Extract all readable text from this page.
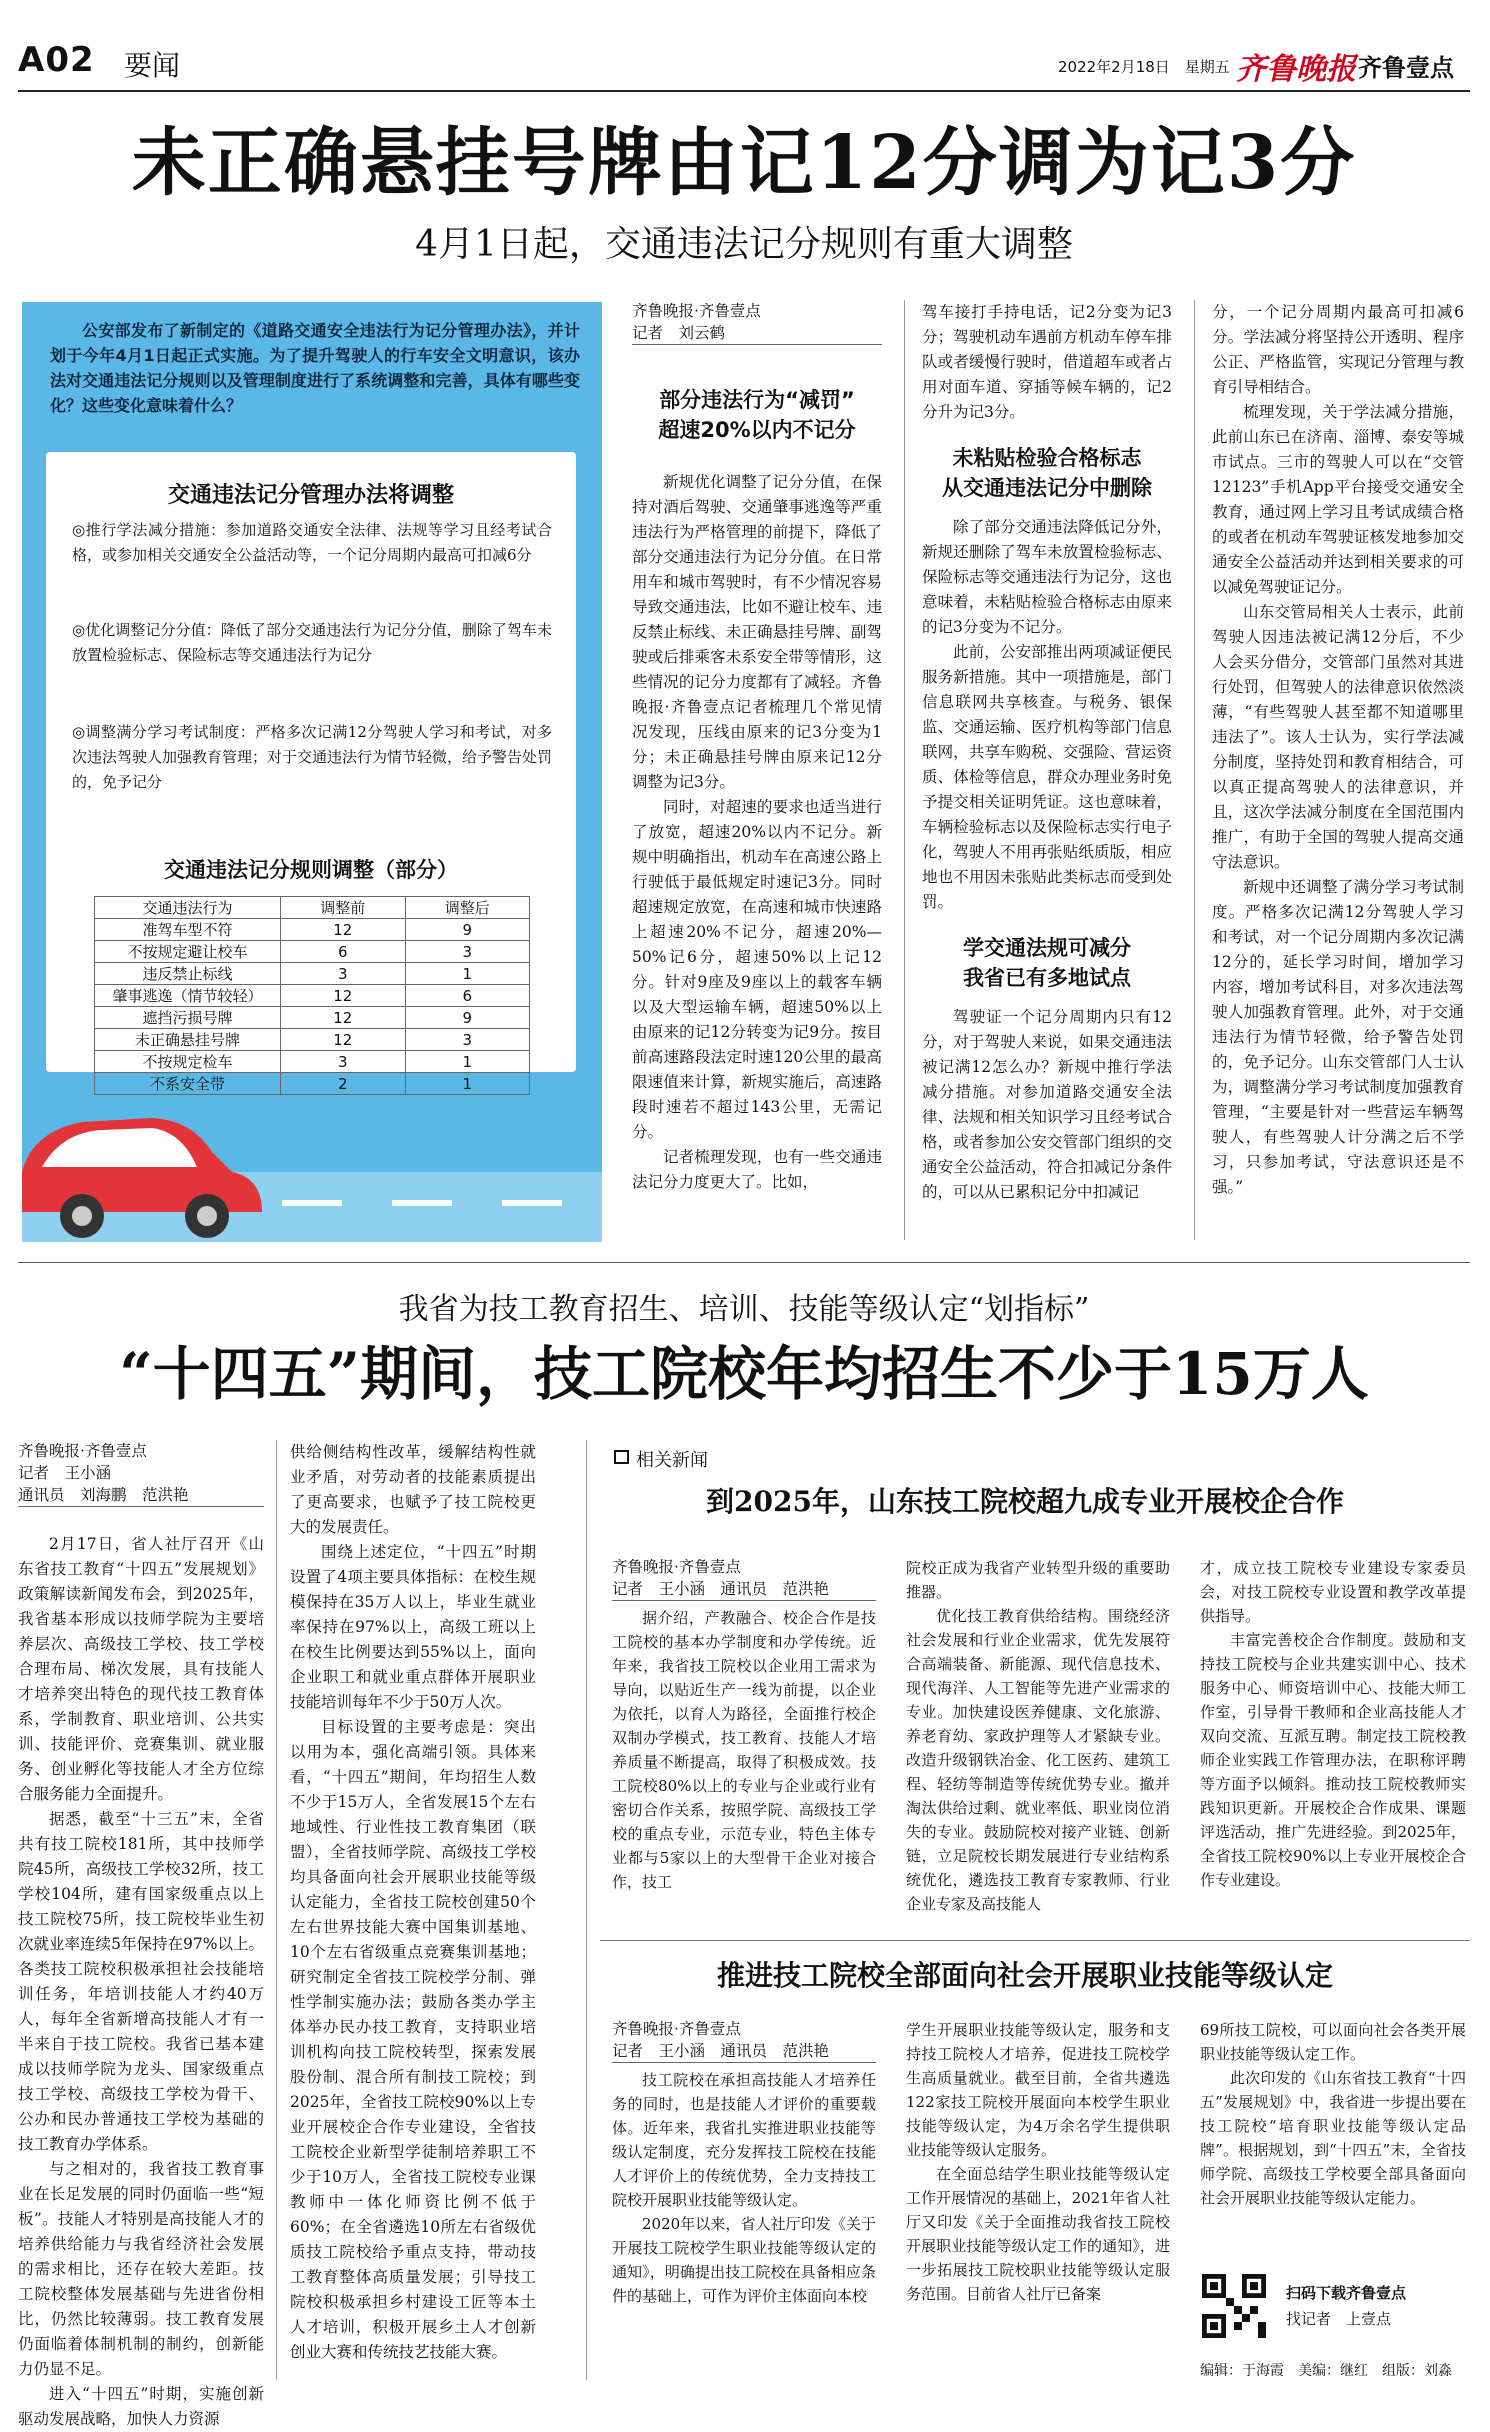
A02 要闻	2022年2月18日　星期五 齐鲁晚报 齐鲁壹点
未正确悬挂号牌由记12分调为记3分
4月1日起，交通违法记分规则有重大调整
公安部发布了新制定的《道路交通安全违法行为记分管理办法》，并计划于今年4月1日起正式实施。为了提升驾驶人的行车安全文明意识，该办法对交通违法记分规则以及管理制度进行了系统调整和完善，具体有哪些变化？这些变化意味着什么？
交通违法记分管理办法将调整
◎推行学法减分措施：参加道路交通安全法律、法规等学习且经考试合格，或参加相关交通安全公益活动等，一个记分周期内最高可扣减6分
◎优化调整记分分值：降低了部分交通违法行为记分分值，删除了驾车未放置检验标志、保险标志等交通违法行为记分
◎调整满分学习考试制度：严格多次记满12分驾驶人学习和考试，对多次违法驾驶人加强教育管理；对于交通违法行为情节轻微，给予警告处罚的，免予记分
交通违法记分规则调整（部分）
交通违法行为	调整前	调整后
准驾车型不符	12	9
不按规定避让校车	6	3
违反禁止标线	3	1
肇事逃逸（情节较轻）	12	6
遮挡污损号牌	12	9
未正确悬挂号牌	12	3
不按规定检车	3	1
不系安全带	2	1
齐鲁晚报·齐鲁壹点
记者　刘云鹤
部分违法行为“减罚”
超速20%以内不记分

新规优化调整了记分分值，在保持对酒后驾驶、交通肇事逃逸等严重违法行为严格管理的前提下，降低了部分交通违法行为记分分值。在日常用车和城市驾驶时，有不少情况容易导致交通违法，比如不避让校车、违反禁止标线、未正确悬挂号牌、副驾驶或后排乘客未系安全带等情形，这些情况的记分力度都有了减轻。齐鲁晚报·齐鲁壹点记者梳理几个常见情况发现，压线由原来的记3分变为1分；未正确悬挂号牌由原来记12分调整为记3分。

同时，对超速的要求也适当进行了放宽，超速20%以内不记分。新规中明确指出，机动车在高速公路上行驶低于最低规定时速记3分。同时超速规定放宽，在高速和城市快速路上超速20%不记分，超速20%—50%记6分，超速50%以上记12分。针对9座及9座以上的载客车辆以及大型运输车辆，超速50%以上由原来的记12分转变为记9分。按目前高速路段法定时速120公里的最高限速值来计算，新规实施后，高速路段时速若不超过143公里，无需记分。

记者梳理发现，也有一些交通违法记分力度更大了。比如，

驾车接打手持电话，记2分变为记3分；驾驶机动车遇前方机动车停车排队或者缓慢行驶时，借道超车或者占用对面车道、穿插等候车辆的，记2分升为记3分。
未粘贴检验合格标志
从交通违法记分中删除

除了部分交通违法降低记分外，新规还删除了驾车未放置检验标志、保险标志等交通违法行为记分，这也意味着，未粘贴检验合格标志由原来的记3分变为不记分。

此前，公安部推出两项减证便民服务新措施。其中一项措施是，部门信息联网共享核查。与税务、银保监、交通运输、医疗机构等部门信息联网，共享车购税、交强险、营运资质、体检等信息，群众办理业务时免予提交相关证明凭证。这也意味着，车辆检验标志以及保险标志实行电子化，驾驶人不用再张贴纸质版，相应地也不用因未张贴此类标志而受到处罚。

学交通法规可减分
我省已有多地试点

驾驶证一个记分周期内只有12分，对于驾驶人来说，如果交通违法被记满12怎么办？新规中推行学法减分措施。对参加道路交通安全法律、法规和相关知识学习且经考试合格，或者参加公安交管部门组织的交通安全公益活动，符合扣减记分条件的，可以从已累积记分中扣减记

分，一个记分周期内最高可扣减6分。学法减分将坚持公开透明、程序公正、严格监管，实现记分管理与教育引导相结合。

梳理发现，关于学法减分措施，此前山东已在济南、淄博、泰安等城市试点。三市的驾驶人可以在“交管12123”手机App平台接受交通安全教育，通过网上学习且考试成绩合格的或者在机动车驾驶证核发地参加交通安全公益活动并达到相关要求的可以减免驾驶证记分。

山东交管局相关人士表示，此前驾驶人因违法被记满12分后，不少人会买分借分，交管部门虽然对其进行处罚，但驾驶人的法律意识依然淡薄，“有些驾驶人甚至都不知道哪里违法了”。该人士认为，实行学法减分制度，坚持处罚和教育相结合，可以真正提高驾驶人的法律意识，并且，这次学法减分制度在全国范围内推广，有助于全国的驾驶人提高交通守法意识。

新规中还调整了满分学习考试制度。严格多次记满12分驾驶人学习和考试，对一个记分周期内多次记满12分的，延长学习时间，增加学习内容，增加考试科目，对多次违法驾驶人加强教育管理。此外，对于交通违法行为情节轻微，给予警告处罚的，免予记分。山东交管部门人士认为，调整满分学习考试制度加强教育管理，“主要是针对一些营运车辆驾驶人，有些驾驶人计分满之后不学习，只参加考试，守法意识还是不强。”

我省为技工教育招生、培训、技能等级认定“划指标”
“十四五”期间，技工院校年均招生不少于15万人
齐鲁晚报·齐鲁壹点
记者　王小涵
通讯员　刘海鹏　范洪艳

2月17日，省人社厅召开《山东省技工教育“十四五”发展规划》政策解读新闻发布会，到2025年，我省基本形成以技师学院为主要培养层次、高级技工学校、技工学校合理布局、梯次发展，具有技能人才培养突出特色的现代技工教育体系，学制教育、职业培训、公共实训、技能评价、竞赛集训、就业服务、创业孵化等技能人才全方位综合服务能力全面提升。

据悉，截至“十三五”末，全省共有技工院校181所，其中技师学院45所，高级技工学校32所，技工学校104所，建有国家级重点以上技工院校75所，技工院校毕业生初次就业率连续5年保持在97%以上。各类技工院校积极承担社会技能培训任务，年培训技能人才约40万人，每年全省新增高技能人才有一半来自于技工院校。我省已基本建成以技师学院为龙头、国家级重点技工学校、高级技工学校为骨干、公办和民办普通技工学校为基础的技工教育办学体系。

与之相对的，我省技工教育事业在长足发展的同时仍面临一些“短板”。技能人才特别是高技能人才的培养供给能力与我省经济社会发展的需求相比，还存在较大差距。技工院校整体发展基础与先进省份相比，仍然比较薄弱。技工教育发展仍面临着体制机制的制约，创新能力仍显不足。

进入“十四五”时期，实施创新驱动发展战略，加快人力资源

供给侧结构性改革，缓解结构性就业矛盾，对劳动者的技能素质提出了更高要求，也赋予了技工院校更大的发展责任。

围绕上述定位，“十四五”时期设置了4项主要具体指标：在校生规模保持在35万人以上，毕业生就业率保持在97%以上，高级工班以上在校生比例要达到55%以上，面向企业职工和就业重点群体开展职业技能培训每年不少于50万人次。

目标设置的主要考虑是：突出以用为本，强化高端引领。具体来看，“十四五”期间，年均招生人数不少于15万人，全省发展15个左右地域性、行业性技工教育集团（联盟），全省技师学院、高级技工学校均具备面向社会开展职业技能等级认定能力，全省技工院校创建50个左右世界技能大赛中国集训基地、10个左右省级重点竞赛集训基地；研究制定全省技工院校学分制、弹性学制实施办法；鼓励各类办学主体举办民办技工教育，支持职业培训机构向技工院校转型，探索发展股份制、混合所有制技工院校；到2025年，全省技工院校90%以上专业开展校企合作专业建设，全省技工院校企业新型学徒制培养职工不少于10万人，全省技工院校专业课教师中一体化师资比例不低于60%；在全省遴选10所左右省级优质技工院校给予重点支持，带动技工教育整体高质量发展；引导技工院校积极承担乡村建设工匠等本土人才培训，积极开展乡土人才创新创业大赛和传统技艺技能大赛。

相关新闻
到2025年，山东技工院校超九成专业开展校企合作
齐鲁晚报·齐鲁壹点
记者　王小涵　通讯员　范洪艳

据介绍，产教融合、校企合作是技工院校的基本办学制度和办学传统。近年来，我省技工院校以企业用工需求为导向，以贴近生产一线为前提，以企业为依托，以育人为路径，全面推行校企双制办学模式，技工教育、技能人才培养质量不断提高，取得了积极成效。技工院校80%以上的专业与企业或行业有密切合作关系，按照学院、高级技工学校的重点专业，示范专业，特色主体专业都与5家以上的大型骨干企业对接合作，技工

院校正成为我省产业转型升级的重要助推器。

优化技工教育供给结构。围绕经济社会发展和行业企业需求，优先发展符合高端装备、新能源、现代信息技术、现代海洋、人工智能等先进产业需求的专业。加快建设医养健康、文化旅游、养老育幼、家政护理等人才紧缺专业。改造升级钢铁冶金、化工医药、建筑工程、轻纺等制造等传统优势专业。撤并淘汰供给过剩、就业率低、职业岗位消失的专业。鼓励院校对接产业链、创新链，立足院校长期发展进行专业结构系统优化，遴选技工教育专家教师、行业企业专家及高技能人

才，成立技工院校专业建设专家委员会，对技工院校专业设置和教学改革提供指导。

丰富完善校企合作制度。鼓励和支持技工院校与企业共建实训中心、技术服务中心、师资培训中心、技能大师工作室，引导骨干教师和企业高技能人才双向交流、互派互聘。制定技工院校教师企业实践工作管理办法，在职称评聘等方面予以倾斜。推动技工院校教师实践知识更新。开展校企合作成果、课题评选活动，推广先进经验。到2025年，全省技工院校90%以上专业开展校企合作专业建设。

推进技工院校全部面向社会开展职业技能等级认定
齐鲁晚报·齐鲁壹点
记者　王小涵　通讯员　范洪艳

技工院校在承担高技能人才培养任务的同时，也是技能人才评价的重要载体。近年来，我省扎实推进职业技能等级认定制度，充分发挥技工院校在技能人才评价上的传统优势，全力支持技工院校开展职业技能等级认定。

2020年以来，省人社厅印发《关于开展技工院校学生职业技能等级认定的通知》，明确提出技工院校在具备相应条件的基础上，可作为评价主体面向本校

学生开展职业技能等级认定，服务和支持技工院校人才培养，促进技工院校学生高质量就业。截至目前，全省共遴选122家技工院校开展面向本校学生职业技能等级认定，为4万余名学生提供职业技能等级认定服务。

在全面总结学生职业技能等级认定工作开展情况的基础上，2021年省人社厅又印发《关于全面推动我省技工院校开展职业技能等级认定工作的通知》，进一步拓展技工院校职业技能等级认定服务范围。目前省人社厅已备案

69所技工院校，可以面向社会各类开展职业技能等级认定工作。

此次印发的《山东省技工教育“十四五”发展规划》中，我省进一步提出要在技工院校“培育职业技能等级认定品牌”。根据规划，到“十四五”末，全省技师学院、高级技工学校要全部具备面向社会开展职业技能等级认定能力。

扫码下载齐鲁壹点
找记者　上壹点
编辑：于海霞　美编：继红　组版：刘淼
